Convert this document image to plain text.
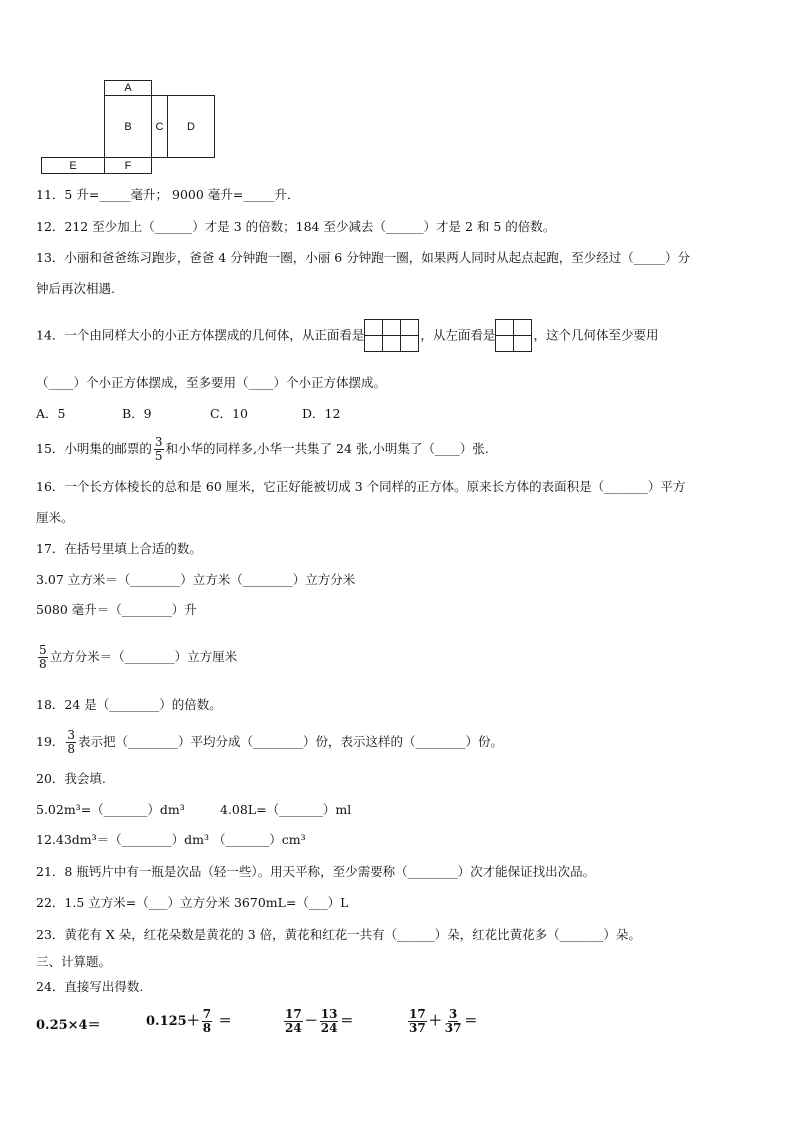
A
B C D
E	F
11．5 升=_____毫升； 9000 毫升=_____升．
12．212 至少加上（______）才是 3 的倍数；184 至少减去（______）才是 2 和 5 的倍数。
13．小丽和爸爸练习跑步，爸爸 4 分钟跑一圈，小丽 6 分钟跑一圈，如果两人同时从起点起跑，至少经过（_____）分
钟后再次相遇.
14．一个由同样大小的小正方体摆成的几何体，从正面看是	，从左面看是	，这个几何体至少要用
（____）个小正方体摆成，至多要用（____）个小正方体摆成。
A．5	B．9	C．10	D．12
15．小明集的邮票的 $\frac{3}{5}$ 和小华的同样多,小华一共集了 24 张,小明集了（____）张.
16．一个长方体棱长的总和是 60 厘米，它正好能被切成 3 个同样的正方体。原来长方体的表面积是（_______）平方
厘米。
17．在括号里填上合适的数。
3.07 立方米＝（________）立方米（________）立方分米
5080 毫升＝（________）升
$\frac{5}{8}$ 立方分米＝（________）立方厘米
18．24 是（________）的倍数。
19． $\frac{3}{8}$ 表示把（________）平均分成（________）份，表示这样的（________）份。
20．我会填.
5.02m³=（_______）dm³	4.08L=（_______）ml
12.43dm³＝（________）dm³ （_______）cm³
21．8 瓶钙片中有一瓶是次品（轻一些）。用天平称，至少需要称（________）次才能保证找出次品。
22．1.5 立方米=（___）立方分米 3670mL=（___）L
23．黄花有 X 朵，红花朵数是黄花的 3 倍，黄花和红花一共有（______）朵，红花比黄花多（_______）朵。
三、计算题。
24．直接写出得数.
0.25×4＝	$0.125+ \frac{7}{8}$ ＝	$\frac{17}{24} - \frac{13}{24}$ ＝	$\frac{17}{37} + \frac{3}{37}$ ＝
